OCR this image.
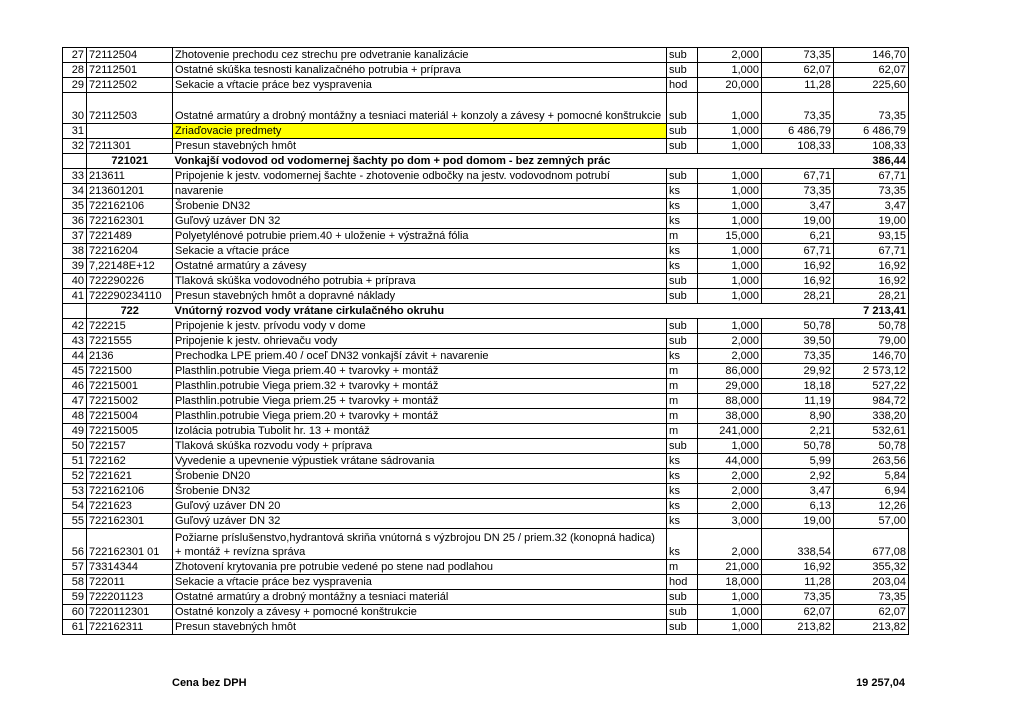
27	72112504	Zhotovenie prechodu cez strechu pre odvetranie kanalizácie	sub	2,000	73,35	146,70
28	72112501	Ostatné skúška tesnosti kanalizačného potrubia + príprava	sub	1,000	62,07	62,07
29	72112502	Sekacie a vŕtacie práce bez vyspravenia	hod	20,000	11,28	225,60
30	72112503	Ostatné armatúry a drobný montážny a tesniaci materiál + konzoly a závesy + pomocné konštrukcie	sub	1,000	73,35	73,35
31		Zriaďovacie predmety	sub	1,000	6 486,79	6 486,79
32	7211301	Presun stavebných hmôt	sub	1,000	108,33	108,33
	721021	Vonkajší vodovod od vodomernej šachty po dom + pod domom - bez zemných prác				386,44
33	213611	Pripojenie k jestv. vodomernej šachte - zhotovenie odbočky na jestv. vodovodnom potrubí	sub	1,000	67,71	67,71
34	213601201	navarenie	ks	1,000	73,35	73,35
35	722162106	Šrobenie DN32	ks	1,000	3,47	3,47
36	722162301	Guľový uzáver DN 32	ks	1,000	19,00	19,00
37	7221489	Polyetylénové potrubie priem.40 + uloženie + výstražná fólia	m	15,000	6,21	93,15
38	72216204	Sekacie a vŕtacie práce	ks	1,000	67,71	67,71
39	7,22148E+12	Ostatné armatúry a závesy	ks	1,000	16,92	16,92
40	722290226	Tlaková skúška vodovodného potrubia + príprava	sub	1,000	16,92	16,92
41	722290234110	Presun stavebných hmôt a dopravné náklady	sub	1,000	28,21	28,21
	722	Vnútorný rozvod vody vrátane cirkulačného okruhu				7 213,41
42	722215	Pripojenie k jestv. prívodu vody v dome	sub	1,000	50,78	50,78
43	7221555	Pripojenie k jestv. ohrievaču vody	sub	2,000	39,50	79,00
44	2136	Prechodka LPE priem.40 / oceľ DN32 vonkajší závit + navarenie	ks	2,000	73,35	146,70
45	7221500	Plasthlin.potrubie Viega priem.40 + tvarovky + montáž	m	86,000	29,92	2 573,12
46	72215001	Plasthlin.potrubie Viega priem.32 + tvarovky + montáž	m	29,000	18,18	527,22
47	72215002	Plasthlin.potrubie Viega priem.25 + tvarovky + montáž	m	88,000	11,19	984,72
48	72215004	Plasthlin.potrubie Viega priem.20 + tvarovky + montáž	m	38,000	8,90	338,20
49	72215005	Izolácia potrubia Tubolit hr. 13 + montáž	m	241,000	2,21	532,61
50	722157	Tlaková skúška rozvodu vody + príprava	sub	1,000	50,78	50,78
51	722162	Vyvedenie a upevnenie výpustiek vrátane sádrovania	ks	44,000	5,99	263,56
52	7221621	Šrobenie DN20	ks	2,000	2,92	5,84
53	722162106	Šrobenie DN32	ks	2,000	3,47	6,94
54	7221623	Guľový uzáver DN 20	ks	2,000	6,13	12,26
55	722162301	Guľový uzáver DN 32	ks	3,000	19,00	57,00
56	722162301 01	Požiarne príslušenstvo,hydrantová skriňa vnútorná s výzbrojou DN 25 / priem.32 (konopná hadica) + montáž + revízna správa	ks	2,000	338,54	677,08
57	73314344	Zhotovení krytovania pre potrubie vedené po stene nad podlahou	m	21,000	16,92	355,32
58	722011	Sekacie a vŕtacie práce bez vyspravenia	hod	18,000	11,28	203,04
59	722201123	Ostatné armatúry a drobný montážny a tesniaci materiál	sub	1,000	73,35	73,35
60	7220112301	Ostatné konzoly a závesy + pomocné konštrukcie	sub	1,000	62,07	62,07
61	722162311	Presun stavebných hmôt	sub	1,000	213,82	213,82
Cena bez DPH	19 257,04
